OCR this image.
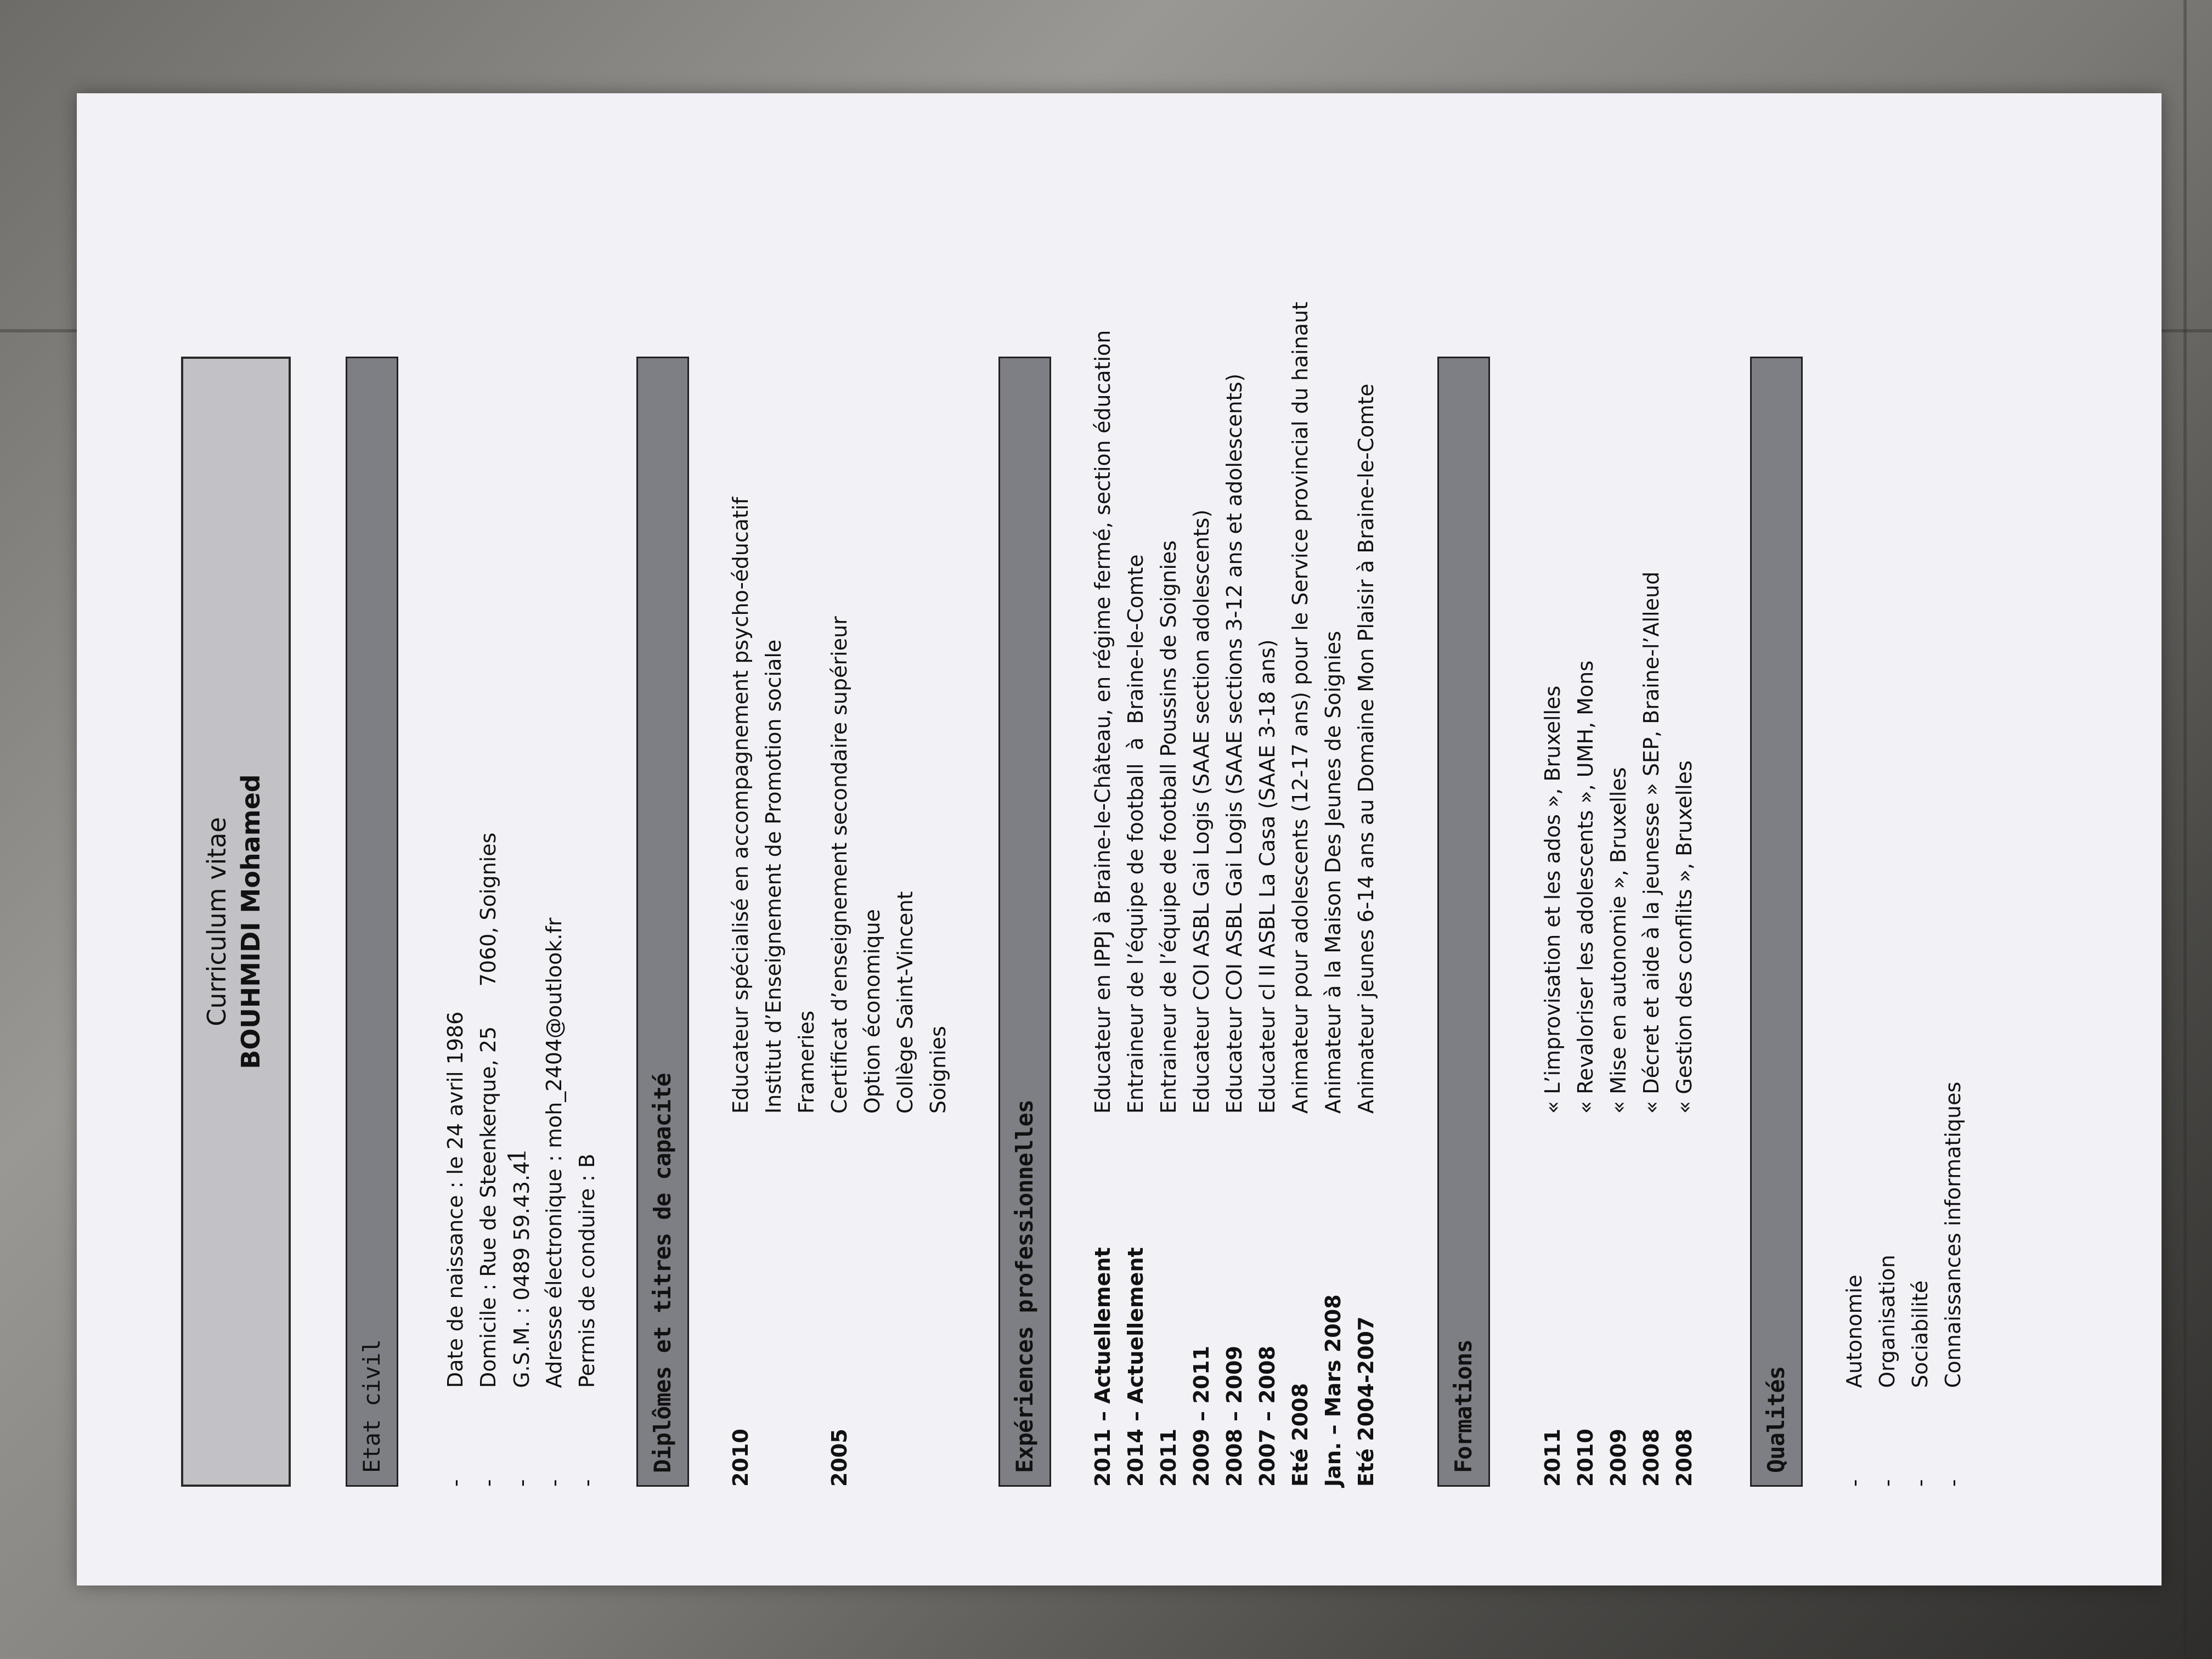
Curriculum vitae BOUHMIDI Mohamed
Etat civil
-Date de naissance : le 24 avril 1986
-Domicile : Rue de Steenkerque, 25      7060, Soignies
-G.S.M. : 0489 59.43.41
-Adresse électronique : moh_2404@outlook.fr
-Permis de conduire : B Diplômes et titres de capacité	2010Educateur spécialisé en accompagnement psycho-éducatif Institut d’Enseignement de Promotion sociale Frameries
2005Certificat d’enseignement secondaire supérieur Option économique Collège Saint-Vincent Soignies
Expériences professionnelles	2011 – ActuellementEducateur en IPPJ à Braine-le-Château, en régime fermé, section éducation
2014 – ActuellementEntraineur de l’équipe de football  à  Braine-le-Comte
2011Entraineur de l’équipe de football Poussins de Soignies
2009 – 2011Educateur COI ASBL Gai Logis (SAAE section adolescents)
2008 – 2009Educateur COI ASBL Gai Logis (SAAE sections 3-12 ans et adolescents)
2007 – 2008Educateur cl II ASBL La Casa (SAAE 3-18 ans)
Eté 2008Animateur pour adolescents (12-17 ans) pour le Service provincial du hainaut
Jan. – Mars 2008Animateur à la Maison Des Jeunes de Soignies
Eté 2004-2007Animateur jeunes 6-14 ans au Domaine Mon Plaisir à Braine-le-Comte
Formations	2011« L’improvisation et les ados », Bruxelles
2010« Revaloriser les adolescents », UMH, Mons
2009« Mise en autonomie », Bruxelles
2008« Décret et aide à la jeunesse » SEP, Braine-l’Alleud
2008« Gestion des conflits », Bruxelles
Qualités
-Autonomie
-Organisation
-Sociabilité
-Connaissances informatiques
